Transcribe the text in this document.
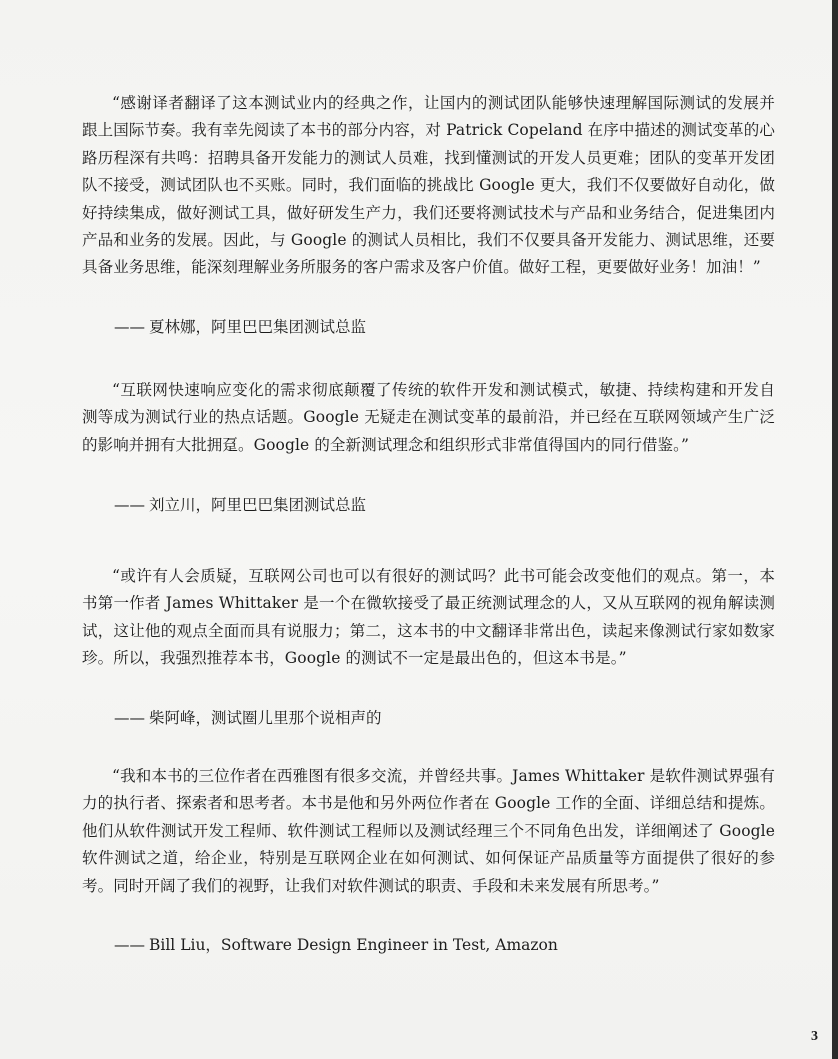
“感谢译者翻译了这本测试业内的经典之作，让国内的测试团队能够快速理解国际测试的发展并跟上国际节奏。我有幸先阅读了本书的部分内容，对 Patrick Copeland 在序中描述的测试变革的心路历程深有共鸣：招聘具备开发能力的测试人员难，找到懂测试的开发人员更难；团队的变革开发团队不接受，测试团队也不买账。同时，我们面临的挑战比 Google 更大，我们不仅要做好自动化，做好持续集成，做好测试工具，做好研发生产力，我们还要将测试技术与产品和业务结合，促进集团内产品和业务的发展。因此，与 Google 的测试人员相比，我们不仅要具备开发能力、测试思维，还要具备业务思维，能深刻理解业务所服务的客户需求及客户价值。做好工程，更要做好业务！加油！”

—— 夏林娜，阿里巴巴集团测试总监

“互联网快速响应变化的需求彻底颠覆了传统的软件开发和测试模式，敏捷、持续构建和开发自测等成为测试行业的热点话题。Google 无疑走在测试变革的最前沿，并已经在互联网领域产生广泛的影响并拥有大批拥趸。Google 的全新测试理念和组织形式非常值得国内的同行借鉴。”

—— 刘立川，阿里巴巴集团测试总监

“或许有人会质疑，互联网公司也可以有很好的测试吗？此书可能会改变他们的观点。第一，本书第一作者 James Whittaker 是一个在微软接受了最正统测试理念的人，又从互联网的视角解读测试，这让他的观点全面而具有说服力；第二，这本书的中文翻译非常出色，读起来像测试行家如数家珍。所以，我强烈推荐本书，Google 的测试不一定是最出色的，但这本书是。”

—— 柴阿峰，测试圈儿里那个说相声的

“我和本书的三位作者在西雅图有很多交流，并曾经共事。James Whittaker 是软件测试界强有力的执行者、探索者和思考者。本书是他和另外两位作者在 Google 工作的全面、详细总结和提炼。他们从软件测试开发工程师、软件测试工程师以及测试经理三个不同角色出发，详细阐述了 Google 软件测试之道，给企业，特别是互联网企业在如何测试、如何保证产品质量等方面提供了很好的参考。同时开阔了我们的视野，让我们对软件测试的职责、手段和未来发展有所思考。”

—— Bill Liu，Software Design Engineer in Test, Amazon

3
